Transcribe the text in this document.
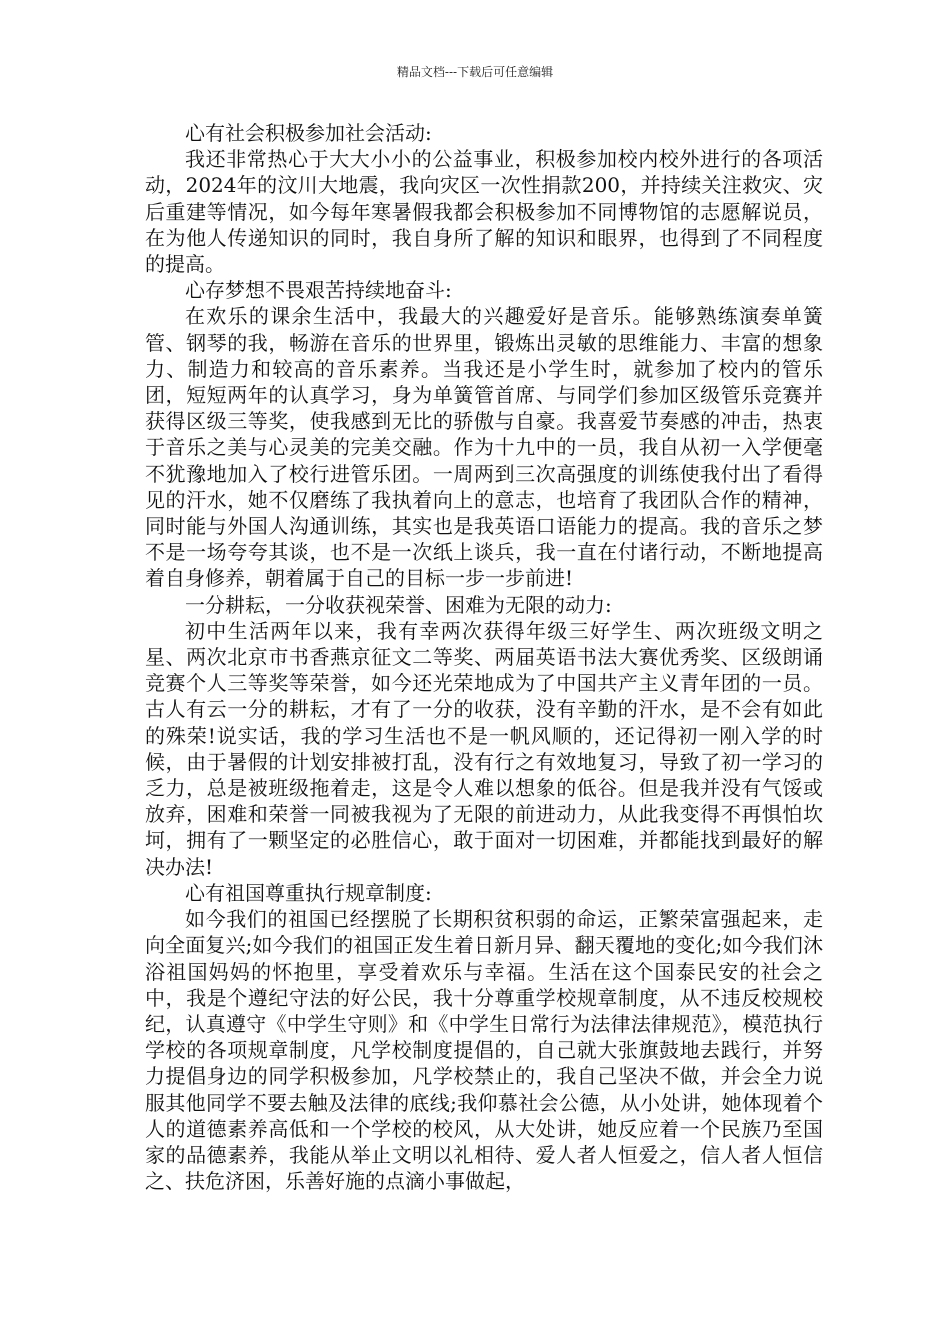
精品文档---下载后可任意编辑

心有社会积极参加社会活动:

我还非常热心于大大小小的公益事业，积极参加校内校外进行的各项活动，2024年的汶川大地震，我向灾区一次性捐款200，并持续关注救灾、灾后重建等情况，如今每年寒暑假我都会积极参加不同博物馆的志愿解说员，在为他人传递知识的同时，我自身所了解的知识和眼界，也得到了不同程度的提高。

心存梦想不畏艰苦持续地奋斗:

在欢乐的课余生活中，我最大的兴趣爱好是音乐。能够熟练演奏单簧管、钢琴的我，畅游在音乐的世界里，锻炼出灵敏的思维能力、丰富的想象力、制造力和较高的音乐素养。当我还是小学生时，就参加了校内的管乐团，短短两年的认真学习，身为单簧管首席、与同学们参加区级管乐竞赛并获得区级三等奖，使我感到无比的骄傲与自豪。我喜爱节奏感的冲击，热衷于音乐之美与心灵美的完美交融。作为十九中的一员，我自从初一入学便毫不犹豫地加入了校行进管乐团。一周两到三次高强度的训练使我付出了看得见的汗水，她不仅磨练了我执着向上的意志，也培育了我团队合作的精神，同时能与外国人沟通训练，其实也是我英语口语能力的提高。我的音乐之梦不是一场夸夸其谈，也不是一次纸上谈兵，我一直在付诸行动，不断地提高着自身修养，朝着属于自己的目标一步一步前进!

一分耕耘，一分收获视荣誉、困难为无限的动力:

初中生活两年以来，我有幸两次获得年级三好学生、两次班级文明之星、两次北京市书香燕京征文二等奖、两届英语书法大赛优秀奖、区级朗诵竞赛个人三等奖等荣誉，如今还光荣地成为了中国共产主义青年团的一员。古人有云一分的耕耘，才有了一分的收获，没有辛勤的汗水，是不会有如此的殊荣!说实话，我的学习生活也不是一帆风顺的，还记得初一刚入学的时候，由于暑假的计划安排被打乱，没有行之有效地复习，导致了初一学习的乏力，总是被班级拖着走，这是令人难以想象的低谷。但是我并没有气馁或放弃，困难和荣誉一同被我视为了无限的前进动力，从此我变得不再惧怕坎坷，拥有了一颗坚定的必胜信心，敢于面对一切困难，并都能找到最好的解决办法!

心有祖国尊重执行规章制度:

如今我们的祖国已经摆脱了长期积贫积弱的命运，正繁荣富强起来，走向全面复兴;如今我们的祖国正发生着日新月异、翻天覆地的变化;如今我们沐浴祖国妈妈的怀抱里，享受着欢乐与幸福。生活在这个国泰民安的社会之中，我是个遵纪守法的好公民，我十分尊重学校规章制度，从不违反校规校纪，认真遵守《中学生守则》和《中学生日常行为法律法律规范》，模范执行学校的各项规章制度，凡学校制度提倡的，自己就大张旗鼓地去践行，并努力提倡身边的同学积极参加，凡学校禁止的，我自己坚决不做，并会全力说服其他同学不要去触及法律的底线;我仰慕社会公德，从小处讲，她体现着个人的道德素养高低和一个学校的校风，从大处讲，她反应着一个民族乃至国家的品德素养，我能从举止文明以礼相待、爱人者人恒爱之，信人者人恒信之、扶危济困，乐善好施的点滴小事做起，
